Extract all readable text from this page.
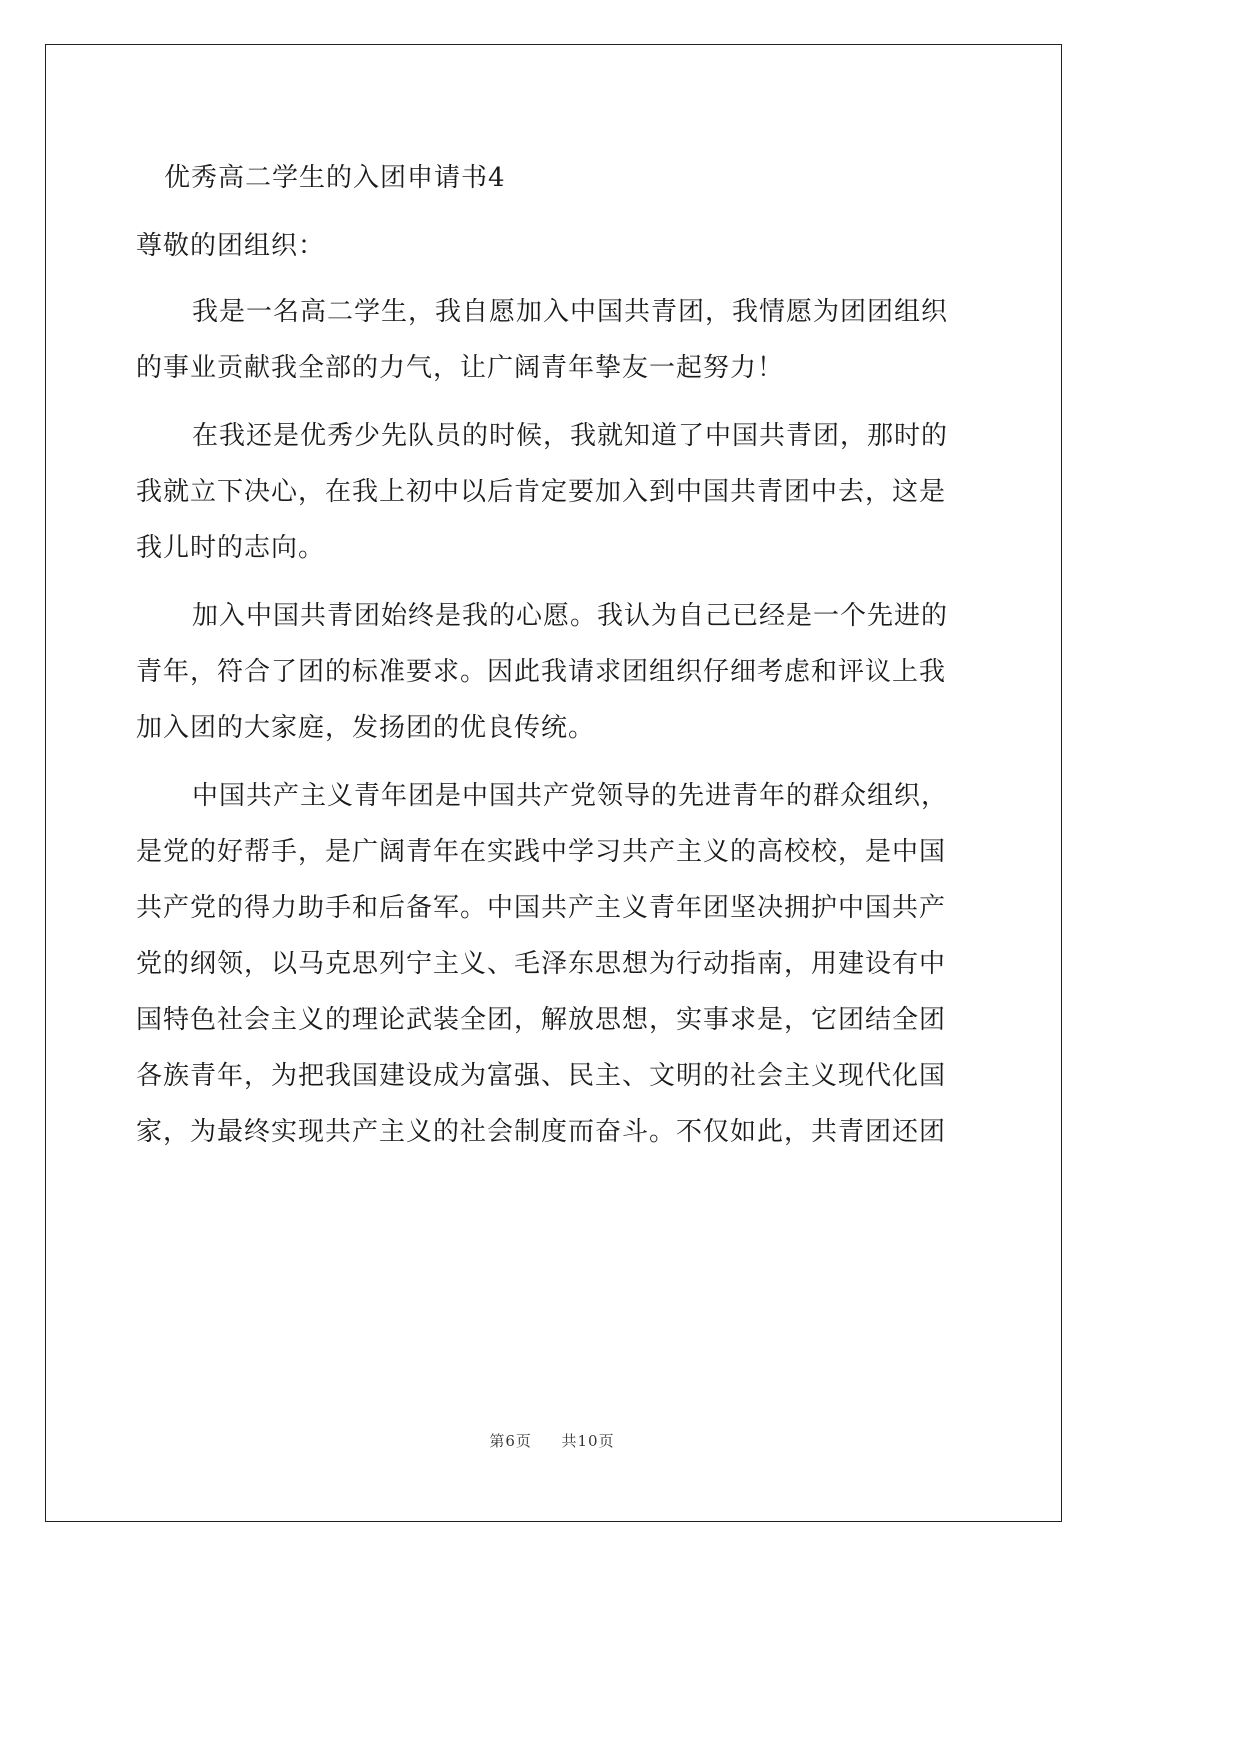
优秀高二学生的入团申请书4
尊敬的团组织：
我是一名高二学生，我自愿加入中国共青团，我情愿为团团组织
的事业贡献我全部的力气，让广阔青年挚友一起努力！
在我还是优秀少先队员的时候，我就知道了中国共青团，那时的
我就立下决心，在我上初中以后肯定要加入到中国共青团中去，这是
我儿时的志向。
加入中国共青团始终是我的心愿。我认为自己已经是一个先进的
青年，符合了团的标准要求。因此我请求团组织仔细考虑和评议上我
加入团的大家庭，发扬团的优良传统。
中国共产主义青年团是中国共产党领导的先进青年的群众组织，
是党的好帮手，是广阔青年在实践中学习共产主义的高校校，是中国
共产党的得力助手和后备军。中国共产主义青年团坚决拥护中国共产
党的纲领，以马克思列宁主义、毛泽东思想为行动指南，用建设有中
国特色社会主义的理论武装全团，解放思想，实事求是，它团结全团
各族青年，为把我国建设成为富强、民主、文明的社会主义现代化国
家，为最终实现共产主义的社会制度而奋斗。不仅如此，共青团还团
第6页 共10页
